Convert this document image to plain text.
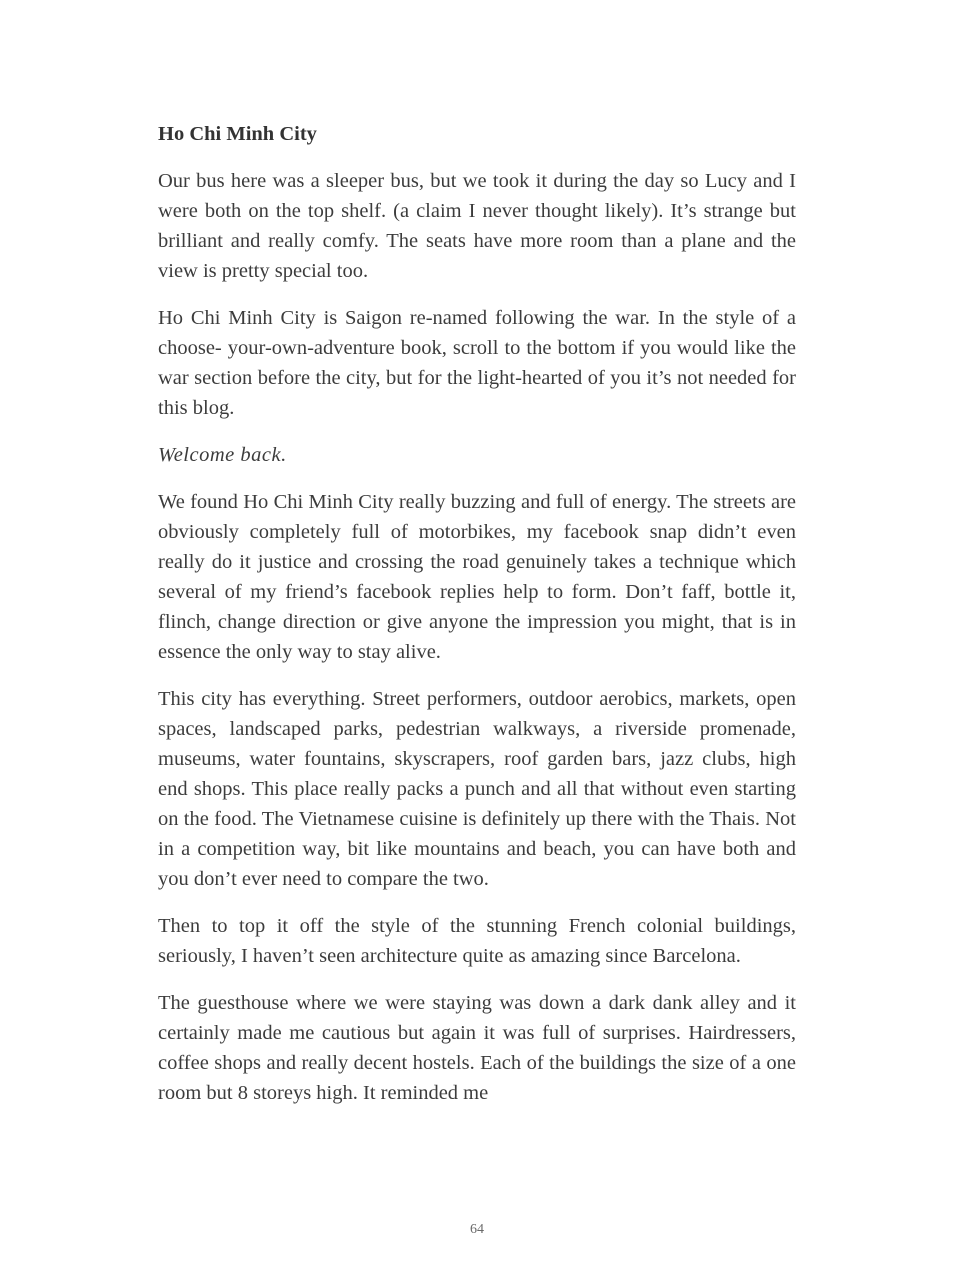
Ho Chi Minh City

Our bus here was a sleeper bus, but we took it during the day so Lucy and I were both on the top shelf. (a claim I never thought likely). It’s strange but brilliant and really comfy. The seats have more room than a plane and the view is pretty special too.

Ho Chi Minh City is Saigon re-named following the war. In the style of a choose- your-own-adventure book, scroll to the bottom if you would like the war section before the city, but for the light-hearted of you it’s not needed for this blog.

Welcome back.

We found Ho Chi Minh City really buzzing and full of energy. The streets are obviously completely full of motorbikes, my facebook snap didn’t even really do it justice and crossing the road genuinely takes a technique which several of my friend’s facebook replies help to form. Don’t faff, bottle it, flinch, change direction or give anyone the impression you might, that is in essence the only way to stay alive.

This city has everything. Street performers, outdoor aerobics, markets, open spaces, landscaped parks, pedestrian walkways, a riverside promenade, museums, water fountains, skyscrapers, roof garden bars, jazz clubs, high end shops. This place really packs a punch and all that without even starting on the food. The Vietnamese cuisine is definitely up there with the Thais. Not in a competition way, bit like mountains and beach, you can have both and you don’t ever need to compare the two.

Then to top it off the style of the stunning French colonial buildings, seriously, I haven’t seen architecture quite as amazing since Barcelona.

The guesthouse where we were staying was down a dark dank alley and it certainly made me cautious but again it was full of surprises. Hairdressers, coffee shops and really decent hostels. Each of the buildings the size of a one room but 8 storeys high. It reminded me

64
